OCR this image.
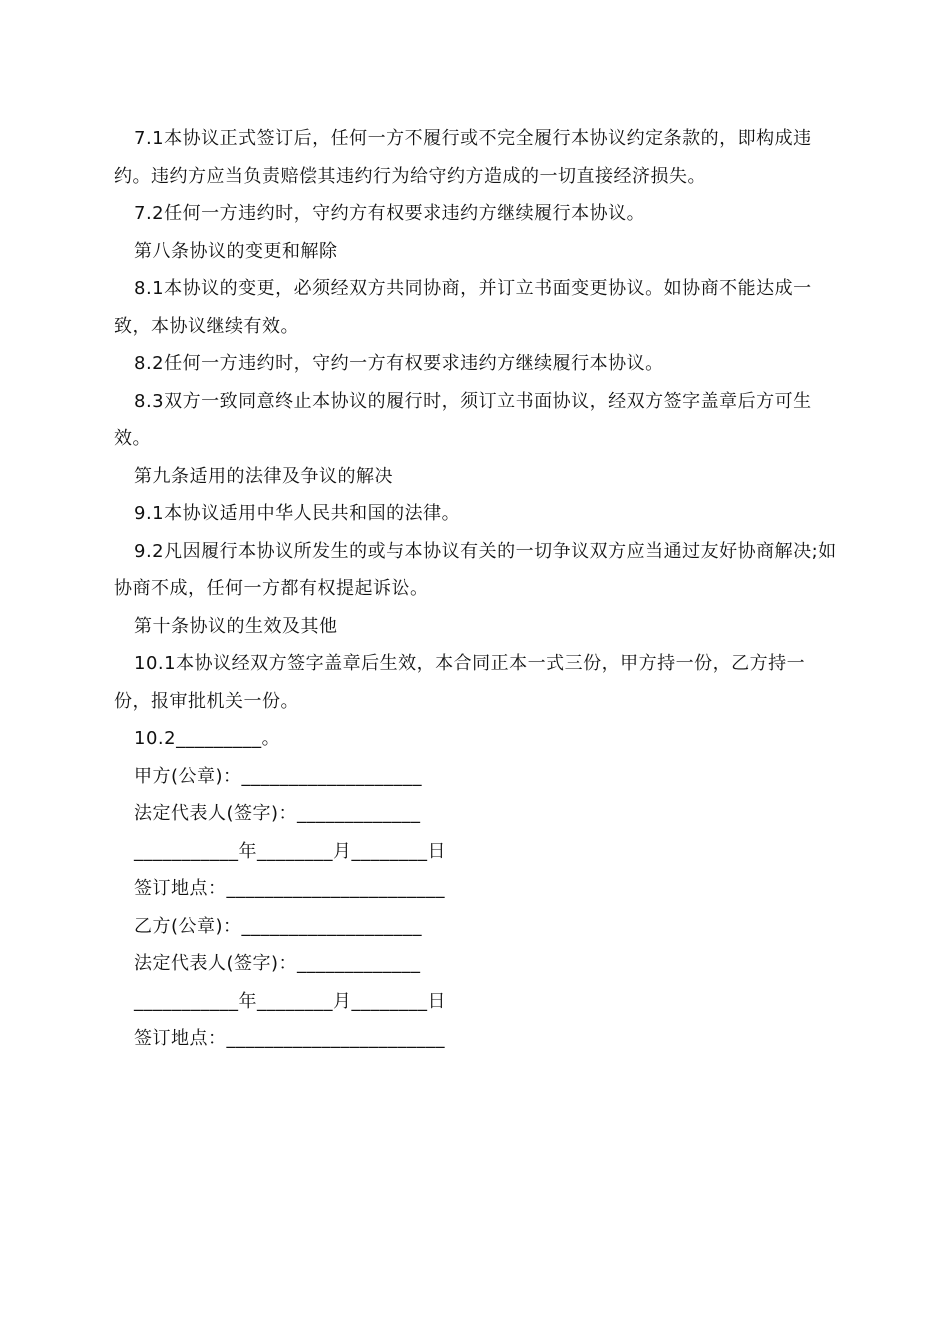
7.1本协议正式签订后，任何一方不履行或不完全履行本协议约定条款的，即构成违约。违约方应当负责赔偿其违约行为给守约方造成的一切直接经济损失。

7.2任何一方违约时，守约方有权要求违约方继续履行本协议。

第八条协议的变更和解除

8.1本协议的变更，必须经双方共同协商，并订立书面变更协议。如协商不能达成一致，本协议继续有效。

8.2任何一方违约时，守约一方有权要求违约方继续履行本协议。

8.3双方一致同意终止本协议的履行时，须订立书面协议，经双方签字盖章后方可生效。

第九条适用的法律及争议的解决

9.1本协议适用中华人民共和国的法律。

9.2凡因履行本协议所发生的或与本协议有关的一切争议双方应当通过友好协商解决;如协商不成，任何一方都有权提起诉讼。

第十条协议的生效及其他

10.1本协议经双方签字盖章后生效，本合同正本一式三份，甲方持一份，乙方持一份，报审批机关一份。

10.2_________。

甲方(公章)：___________________

法定代表人(签字)：_____________

___________年________月________日

签订地点：_______________________

乙方(公章)：___________________

法定代表人(签字)：_____________

___________年________月________日

签订地点：_______________________
